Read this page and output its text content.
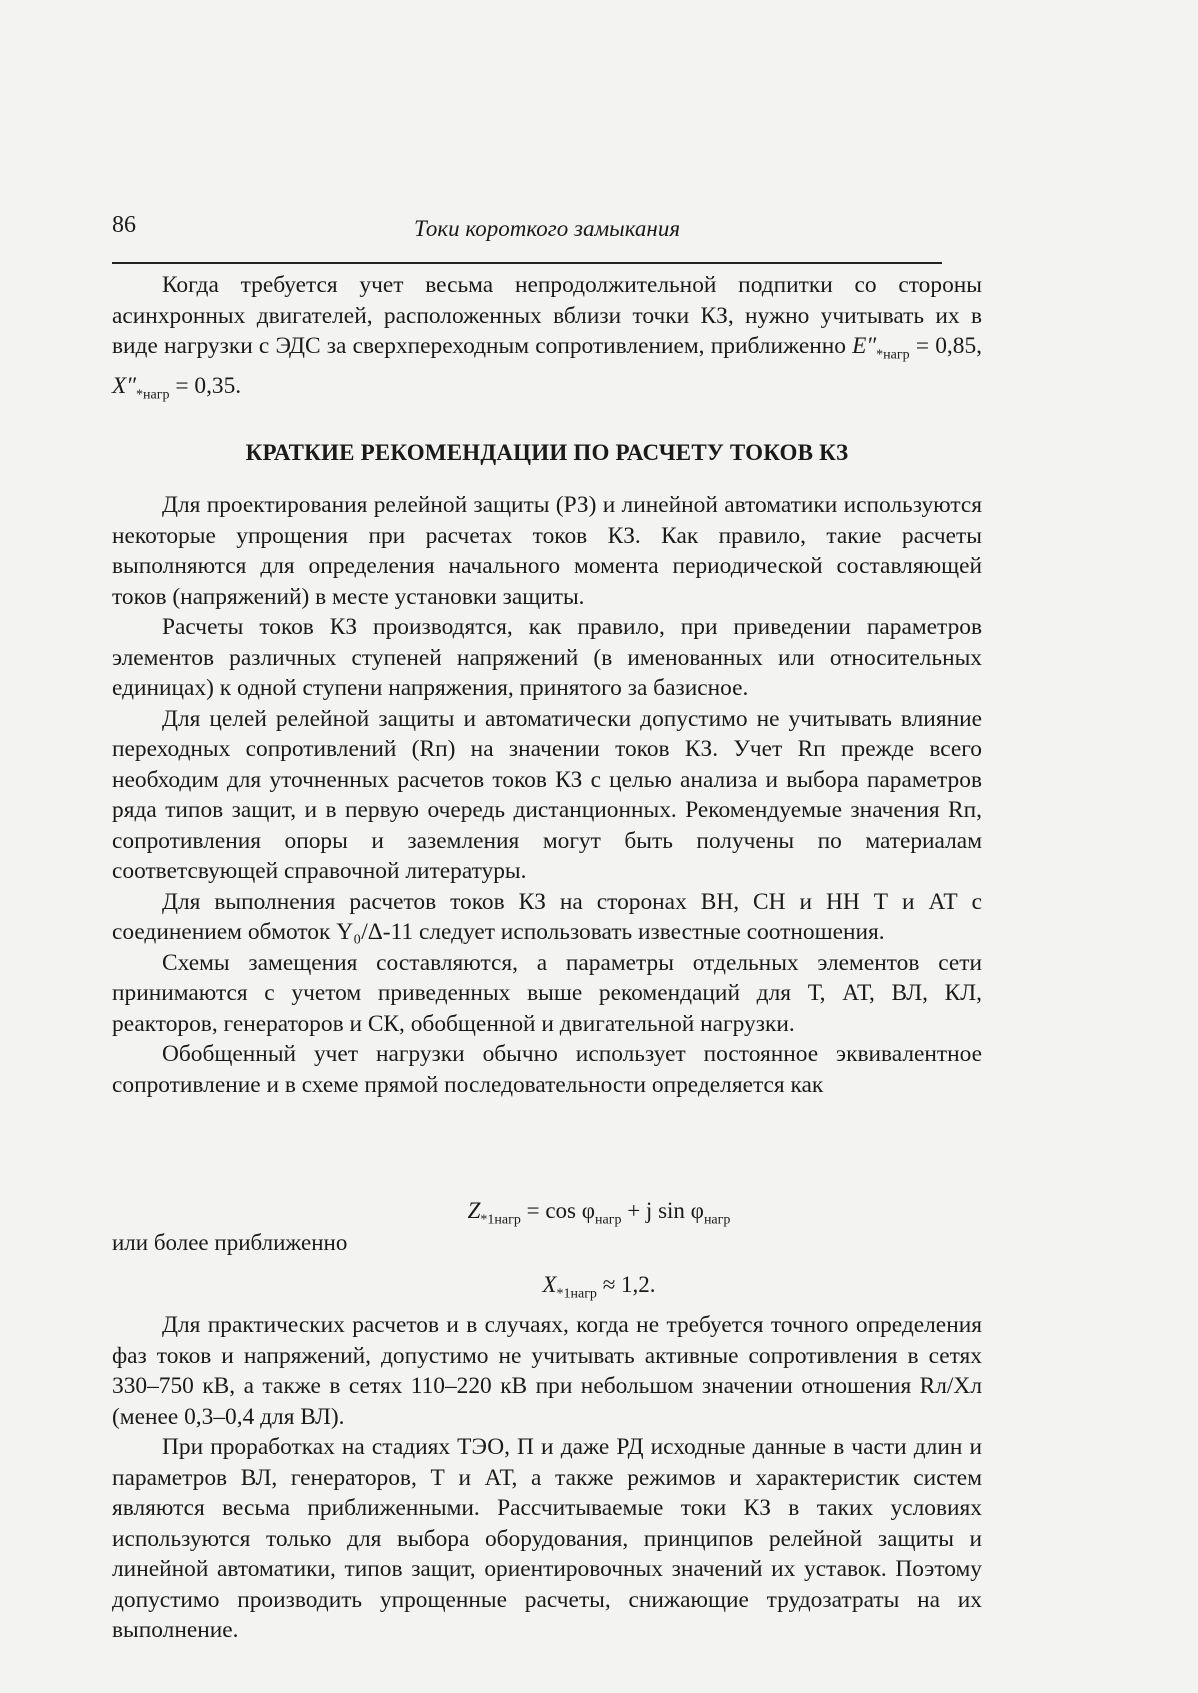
86	Токи короткого замыкания

Когда требуется учет весьма непродолжительной подпитки со стороны асинхронных двигателей, расположенных вблизи точки КЗ, нужно учитывать их в виде нагрузки с ЭДС за сверхпереходным сопротивлением, приближенно $E''_{*нагр} = 0,85$, $X''_{*нагр} = 0,35$.

КРАТКИЕ РЕКОМЕНДАЦИИ ПО РАСЧЕТУ ТОКОВ КЗ

Для проектирования релейной защиты (РЗ) и линейной автоматики используются некоторые упрощения при расчетах токов КЗ. Как правило, такие расчеты выполняются для определения начального момента периодической составляющей токов (напряжений) в месте установки защиты.

Расчеты токов КЗ производятся, как правило, при приведении параметров элементов различных ступеней напряжений (в именованных или относительных единицах) к одной ступени напряжения, принятого за базисное.

Для целей релейной защиты и автоматически допустимо не учитывать влияние переходных сопротивлений (Rп) на значении токов КЗ. Учет Rп прежде всего необходим для уточненных расчетов токов КЗ с целью анализа и выбора параметров ряда типов защит, и в первую очередь дистанционных. Рекомендуемые значения Rп, сопротивления опоры и заземления могут быть получены по материалам соответсвующей справочной литературы.

Для выполнения расчетов токов КЗ на сторонах ВН, СН и НН Т и АТ с соединением обмоток Y₀/Δ-11 следует использовать известные соотношения.

Схемы замещения составляются, а параметры отдельных элементов сети принимаются с учетом приведенных выше рекомендаций для Т, АТ, ВЛ, КЛ, реакторов, генераторов и СК, обобщенной и двигательной нагрузки.

Обобщенный учет нагрузки обычно использует постоянное эквивалентное сопротивление и в схеме прямой последовательности определяется как

$Z_{*1нагр} = \cos \varphi_{нагр} + j$ $\sin \varphi_{нагр}$
или более приближенно
$X_{*1нагр} \approx 1,2$.

Для практических расчетов и в случаях, когда не требуется точного определения фаз токов и напряжений, допустимо не учитывать активные сопротивления в сетях 330–750 кВ, а также в сетях 110–220 кВ при небольшом значении отношения Rл/Xл (менее 0,3–0,4 для ВЛ).

При проработках на стадиях ТЭО, П и даже РД исходные данные в части длин и параметров ВЛ, генераторов, Т и АТ, а также режимов и характеристик систем являются весьма приближенными. Рассчитываемые токи КЗ в таких условиях используются только для выбора оборудования, принципов релейной защиты и линейной автоматики, типов защит, ориентировочных значений их уставок. Поэтому допустимо производить упрощенные расчеты, снижающие трудозатраты на их выполнение.
